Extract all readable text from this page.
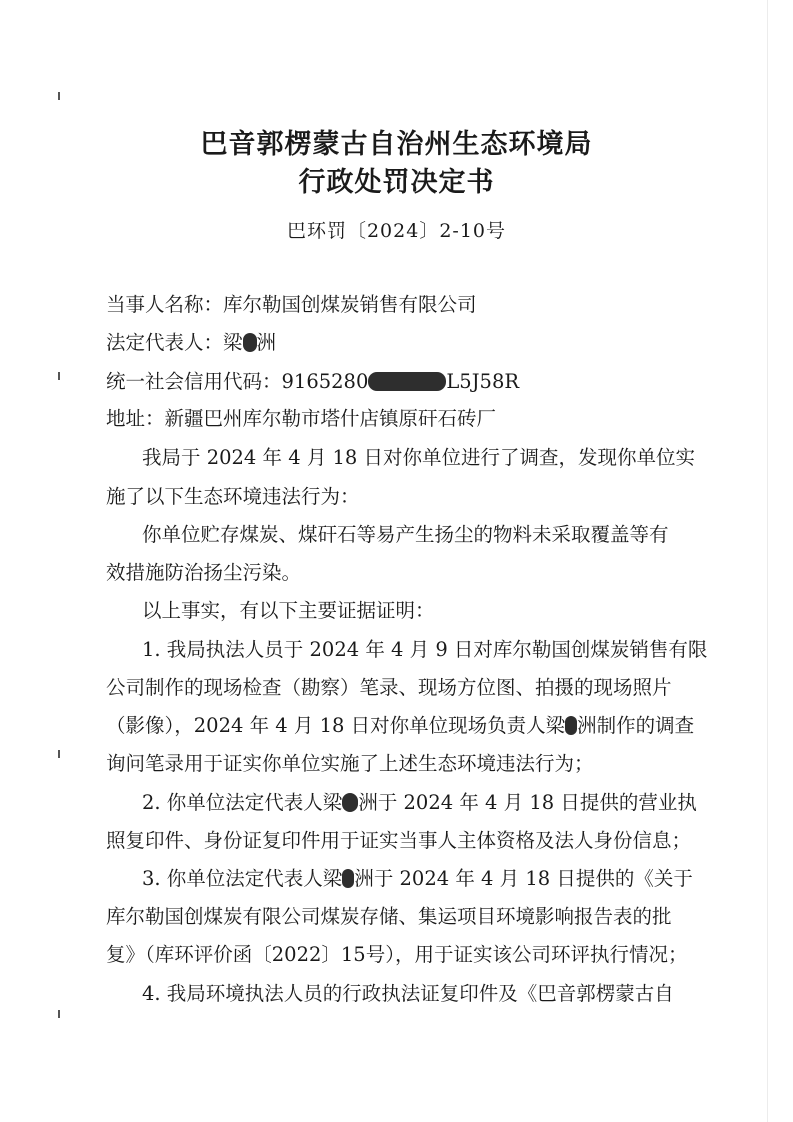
巴音郭楞蒙古自治州生态环境局
行政处罚决定书
巴环罚〔2024〕2-10号
当事人名称：库尔勒国创煤炭销售有限公司
法定代表人：梁 洲
统一社会信用代码：9165280	L5J58R
地址：新疆巴州库尔勒市塔什店镇原矸石砖厂
我局于 2024 年 4 月 18 日对你单位进行了调查，发现你单位实
施了以下生态环境违法行为：
你单位贮存煤炭、煤矸石等易产生扬尘的物料未采取覆盖等有
效措施防治扬尘污染。
以上事实，有以下主要证据证明：
1. 我局执法人员于 2024 年 4 月 9 日对库尔勒国创煤炭销售有限
公司制作的现场检查（勘察）笔录、现场方位图、拍摄的现场照片
（影像），2024 年 4 月 18 日对你单位现场负责人梁 洲制作的调查
询问笔录用于证实你单位实施了上述生态环境违法行为；
2. 你单位法定代表人梁 洲于 2024 年 4 月 18 日提供的营业执
照复印件、身份证复印件用于证实当事人主体资格及法人身份信息；
3. 你单位法定代表人梁 洲于 2024 年 4 月 18 日提供的《关于
库尔勒国创煤炭有限公司煤炭存储、集运项目环境影响报告表的批
复》（库环评价函〔2022〕15号），用于证实该公司环评执行情况；
4. 我局环境执法人员的行政执法证复印件及《巴音郭楞蒙古自
